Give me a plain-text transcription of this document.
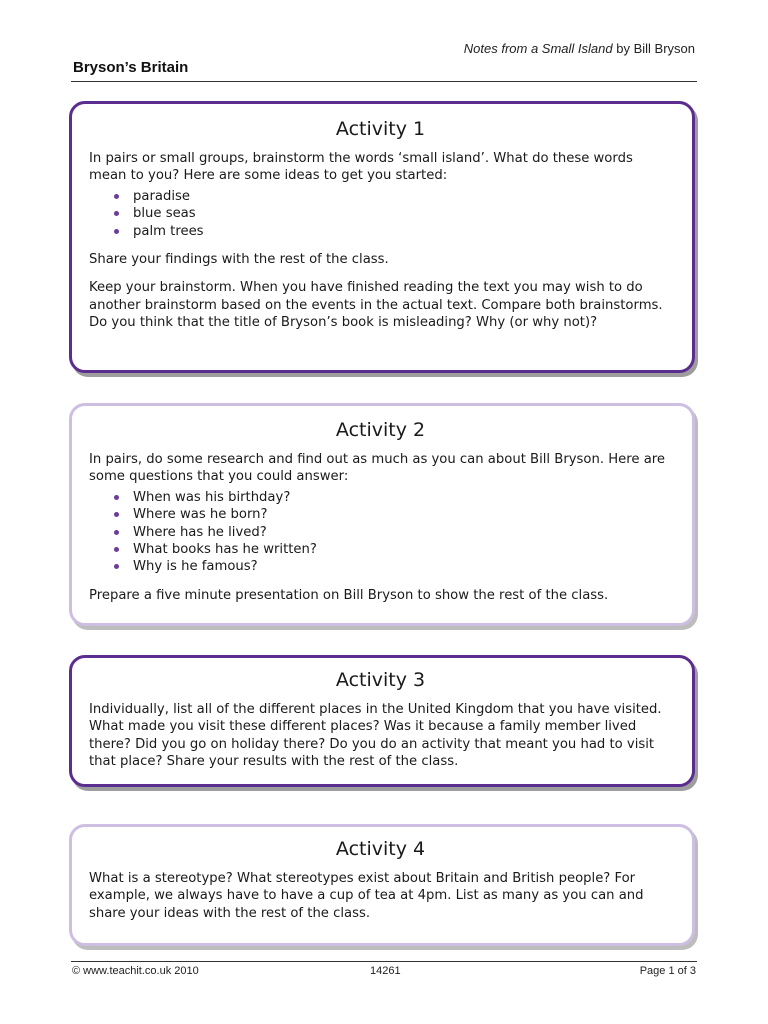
Notes from a Small Island by Bill Bryson
Bryson’s Britain
Activity 1

In pairs or small groups, brainstorm the words ‘small island’. What do these words mean to you? Here are some ideas to get you started:

paradise
blue seas
palm trees

Share your findings with the rest of the class.

Keep your brainstorm. When you have finished reading the text you may wish to do another brainstorm based on the events in the actual text. Compare both brainstorms. Do you think that the title of Bryson’s book is misleading? Why (or why not)?

Activity 2

In pairs, do some research and find out as much as you can about Bill Bryson. Here are some questions that you could answer:

When was his birthday?
Where was he born?
Where has he lived?
What books has he written?
Why is he famous?

Prepare a five minute presentation on Bill Bryson to show the rest of the class.

Activity 3

Individually, list all of the different places in the United Kingdom that you have visited. What made you visit these different places? Was it because a family member lived there? Did you go on holiday there? Do you do an activity that meant you had to visit that place? Share your results with the rest of the class.

Activity 4

What is a stereotype? What stereotypes exist about Britain and British people? For example, we always have to have a cup of tea at 4pm. List as many as you can and share your ideas with the rest of the class.

© www.teachit.co.uk 2010	14261	Page 1 of 3
